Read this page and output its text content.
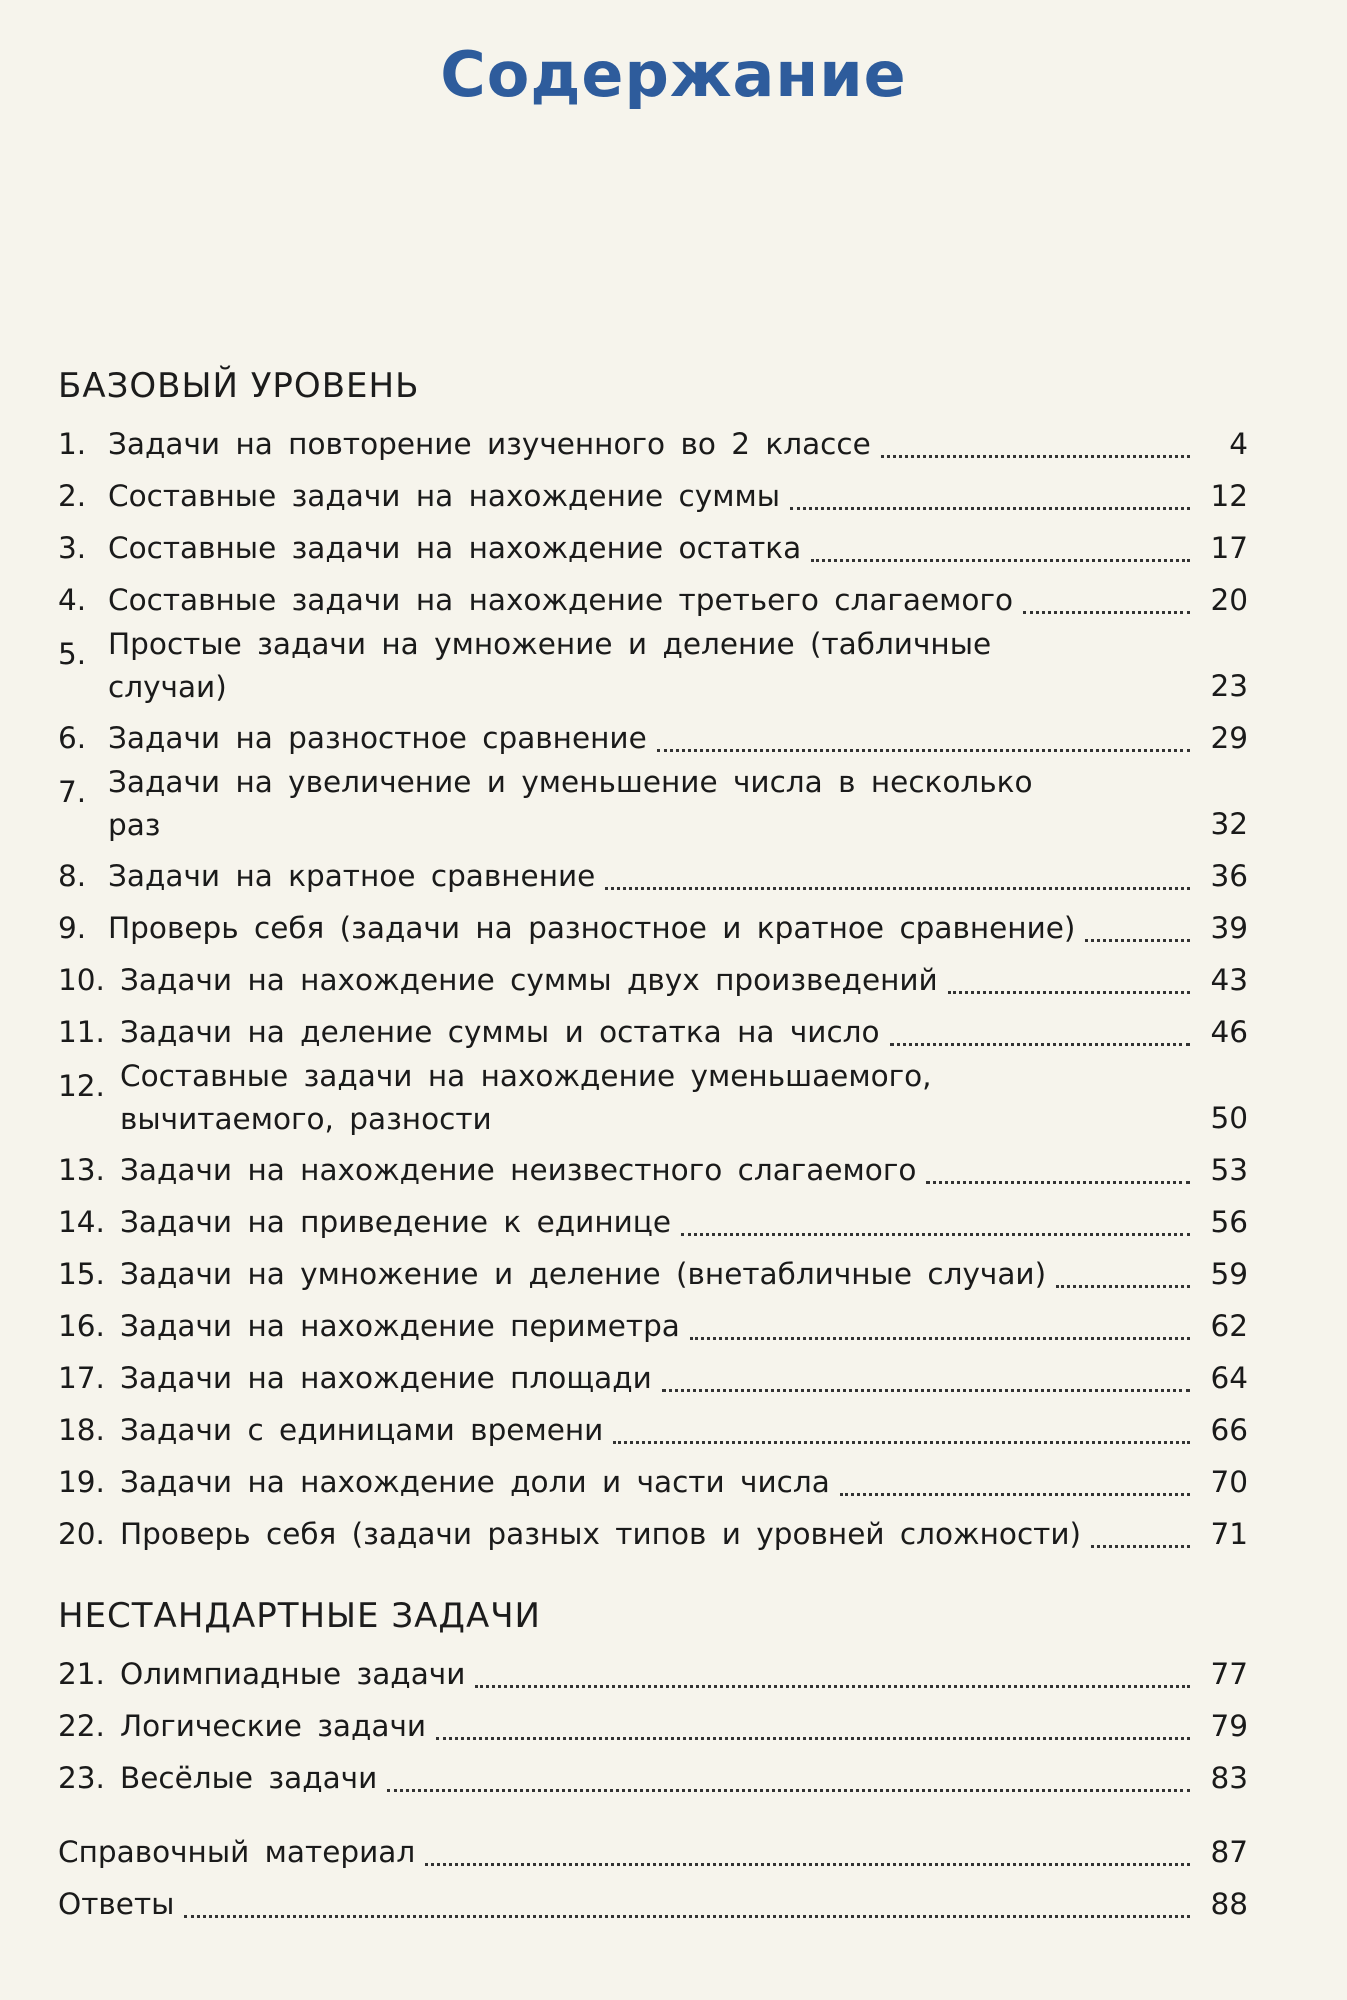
Содержание
БАЗОВЫЙ УРОВЕНЬ
1. Задачи на повторение изученного во 2 классе	4
2. Составные задачи на нахождение суммы	12
3. Составные задачи на нахождение остатка	17
4. Составные задачи на нахождение третьего слагаемого	20
5. Простые задачи на умножение и деление (табличные
случаи)	23
6. Задачи на разностное сравнение	29
7. Задачи на увеличение и уменьшение числа в несколько
раз	32
8. Задачи на кратное сравнение	36
9. Проверь себя (задачи на разностное и кратное сравнение)	39
10. Задачи на нахождение суммы двух произведений	43
11. Задачи на деление суммы и остатка на число	46
12. Составные задачи на нахождение уменьшаемого,
вычитаемого, разности	50
13. Задачи на нахождение неизвестного слагаемого	53
14. Задачи на приведение к единице	56
15. Задачи на умножение и деление (внетабличные случаи)	59
16. Задачи на нахождение периметра	62
17. Задачи на нахождение площади	64
18. Задачи с единицами времени	66
19. Задачи на нахождение доли и части числа	70
20. Проверь себя (задачи разных типов и уровней сложности)	71
НЕСТАНДАРТНЫЕ ЗАДАЧИ
21. Олимпиадные задачи	77
22. Логические задачи	79
23. Весёлые задачи	83
Справочный материал	87
Ответы	88
